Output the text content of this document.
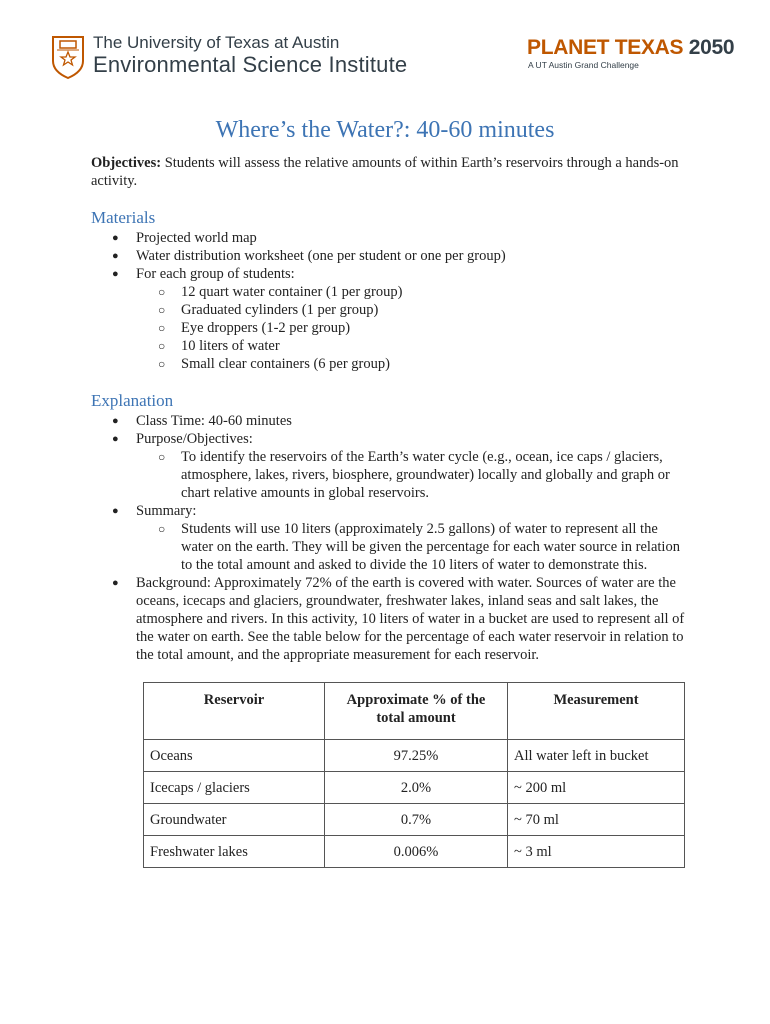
The University of Texas at Austin
Environmental Science Institute
PLANET TEXAS 2050
A UT Austin Grand Challenge
Where’s the Water?: 40-60 minutes

Objectives: Students will assess the relative amounts of within Earth’s reservoirs through a hands-on activity.

Materials
● Projected world map
● Water distribution worksheet (one per student or one per group)
● For each group of students:
○ 12 quart water container (1 per group)
○ Graduated cylinders (1 per group)
○ Eye droppers (1-2 per group)
○ 10 liters of water
○ Small clear containers (6 per group)
Explanation
● Class Time: 40-60 minutes
● Purpose/Objectives:
○ To identify the reservoirs of the Earth’s water cycle (e.g., ocean, ice caps / glaciers, atmosphere, lakes, rivers, biosphere, groundwater) locally and globally and graph or chart relative amounts in global reservoirs.
● Summary:
○ Students will use 10 liters (approximately 2.5 gallons) of water to represent all the water on the earth. They will be given the percentage for each water source in relation to the total amount and asked to divide the 10 liters of water to demonstrate this.
● Background: Approximately 72% of the earth is covered with water. Sources of water are the oceans, icecaps and glaciers, groundwater, freshwater lakes, inland seas and salt lakes, the atmosphere and rivers. In this activity, 10 liters of water in a bucket are used to represent all of the water on earth. See the table below for the percentage of each water reservoir in relation to the total amount, and the appropriate measurement for each reservoir.
Reservoir	Approximate % of the total amount	Measurement
Oceans	97.25%	All water left in bucket
Icecaps / glaciers	2.0%	~ 200 ml
Groundwater	0.7%	~ 70 ml
Freshwater lakes	0.006%	~ 3 ml
